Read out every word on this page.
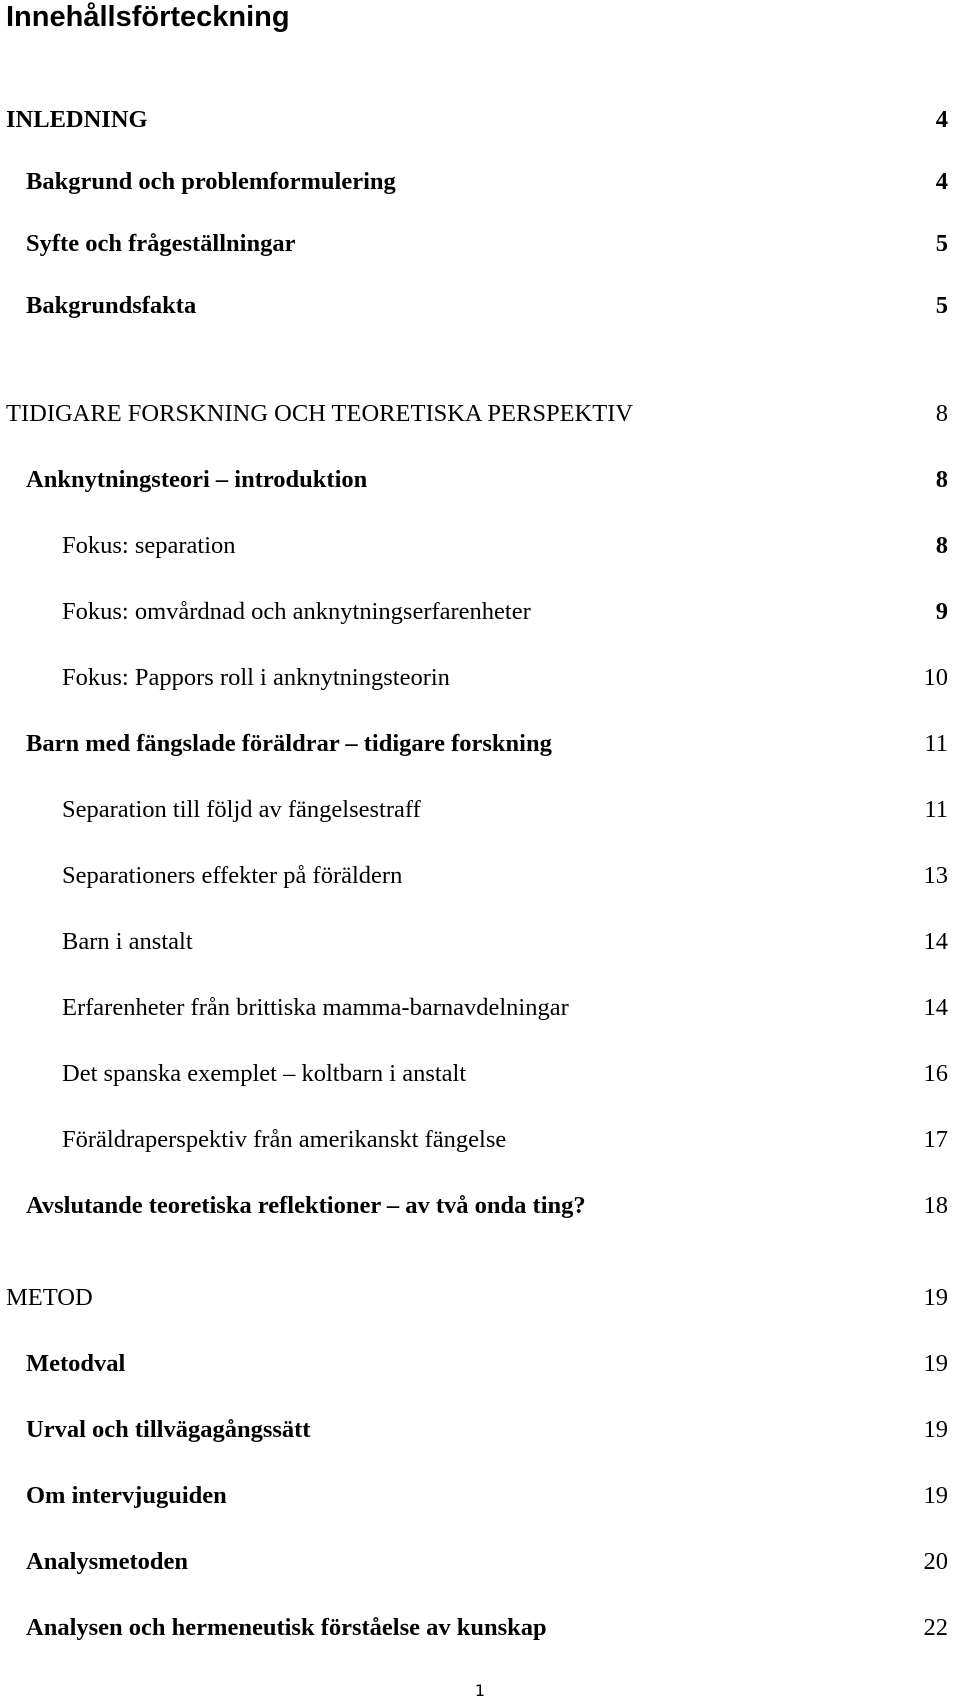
Innehållsförteckning
INLEDNING	4
Bakgrund och problemformulering	4
Syfte och frågeställningar	5
Bakgrundsfakta	5
TIDIGARE FORSKNING OCH TEORETISKA PERSPEKTIV	8
Anknytningsteori – introduktion	8
Fokus: separation	8
Fokus: omvårdnad och anknytningserfarenheter	9
Fokus: Pappors roll i anknytningsteorin	10
Barn med fängslade föräldrar – tidigare forskning	11
Separation till följd av fängelsestraff	11
Separationers effekter på föräldern	13
Barn i anstalt	14
Erfarenheter från brittiska mamma-barnavdelningar	14
Det spanska exemplet – koltbarn i anstalt	16
Föräldraperspektiv från amerikanskt fängelse	17
Avslutande teoretiska reflektioner – av två onda ting?	18
METOD	19
Metodval	19
Urval och tillvägagångssätt	19
Om intervjuguiden	19
Analysmetoden	20
Analysen och hermeneutisk förståelse av kunskap	22
1
